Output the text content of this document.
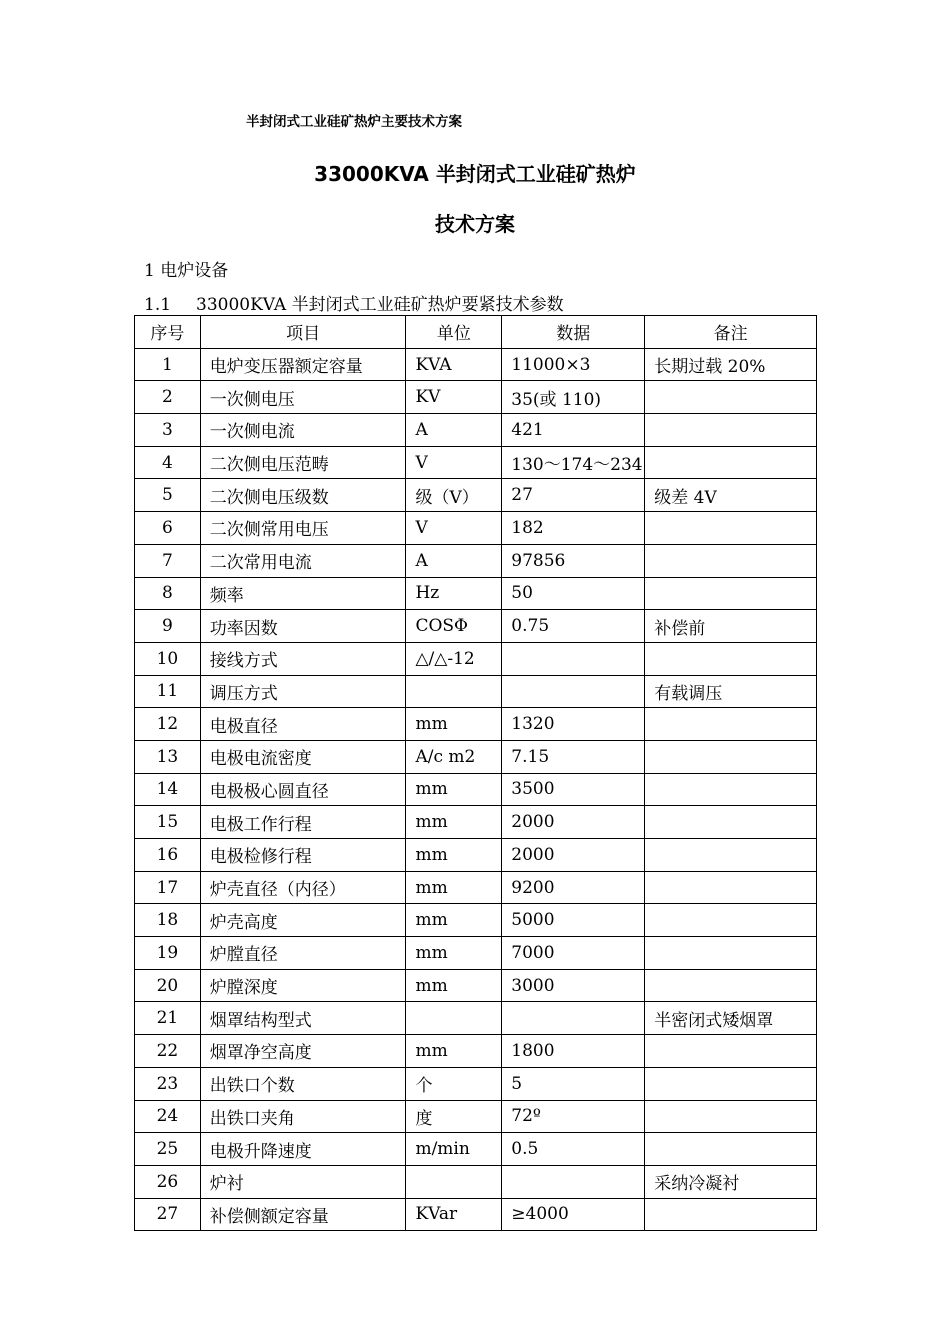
半封闭式工业硅矿热炉主要技术方案
33000KVA 半封闭式工业硅矿热炉
技术方案
1 电炉设备
1.1 33000KVA 半封闭式工业硅矿热炉要紧技术参数
序号	项目	单位	数据	备注
1	电炉变压器额定容量	KVA	11000×3	长期过载 20%
2	一次侧电压	KV	35(或 110)	
3	一次侧电流	A	421	
4	二次侧电压范畴	V	130～174～234	
5	二次侧电压级数	级（V）	27	级差 4V
6	二次侧常用电压	V	182	
7	二次常用电流	A	97856	
8	频率	Hz	50	
9	功率因数	COSΦ	0.75	补偿前
10	接线方式	△/△-12		
11	调压方式			有载调压
12	电极直径	mm	1320	
13	电极电流密度	A/c m2	7.15	
14	电极极心圆直径	mm	3500	
15	电极工作行程	mm	2000	
16	电极检修行程	mm	2000	
17	炉壳直径（内径）	mm	9200	
18	炉壳高度	mm	5000	
19	炉膛直径	mm	7000	
20	炉膛深度	mm	3000	
21	烟罩结构型式			半密闭式矮烟罩
22	烟罩净空高度	mm	1800	
23	出铁口个数	个	5	
24	出铁口夹角	度	72º	
25	电极升降速度	m/min	0.5	
26	炉衬			采纳冷凝衬
27	补偿侧额定容量	KVar	≥4000	
